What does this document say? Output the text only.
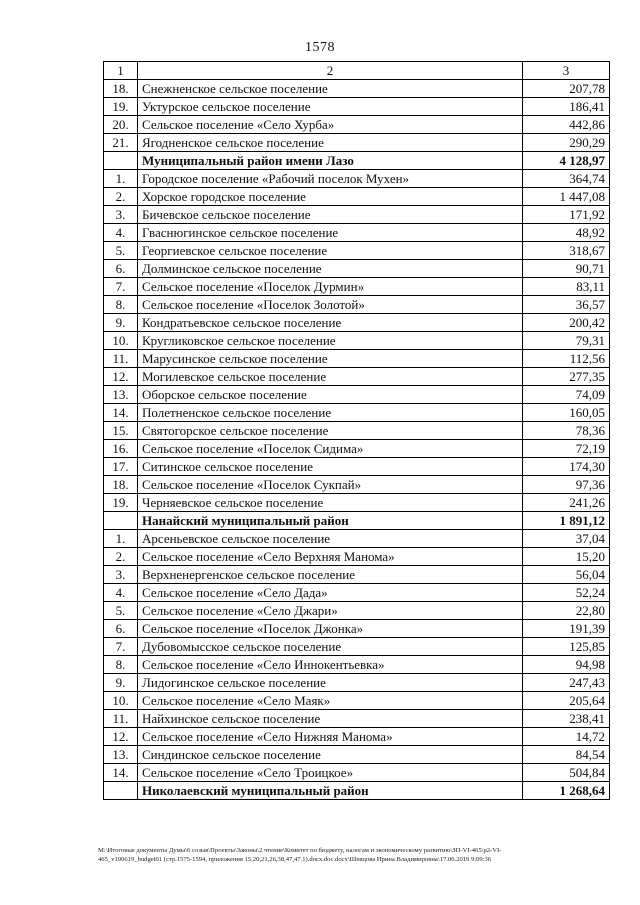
1578
1	2	3
18.	Снежненское сельское поселение	207,78
19.	Уктурское сельское поселение	186,41
20.	Сельское поселение «Село Хурба»	442,86
21.	Ягодненское сельское поселение	290,29
	Муниципальный район имени Лазо	4 128,97
1.	Городское поселение «Рабочий поселок Мухен»	364,74
2.	Хорское городское поселение	1 447,08
3.	Бичевское сельское поселение	171,92
4.	Гваснюгинское сельское поселение	48,92
5.	Георгиевское сельское поселение	318,67
6.	Долминское сельское поселение	90,71
7.	Сельское поселение «Поселок Дурмин»	83,11
8.	Сельское поселение «Поселок Золотой»	36,57
9.	Кондратьевское сельское поселение	200,42
10.	Кругликовское сельское поселение	79,31
11.	Марусинское сельское поселение	112,56
12.	Могилевское сельское поселение	277,35
13.	Оборское сельское поселение	74,09
14.	Полетненское сельское поселение	160,05
15.	Святогорское сельское поселение	78,36
16.	Сельское поселение «Поселок Сидима»	72,19
17.	Ситинское сельское поселение	174,30
18.	Сельское поселение «Поселок Сукпай»	97,36
19.	Черняевское сельское поселение	241,26
	Нанайский муниципальный район	1 891,12
1.	Арсеньевское сельское поселение	37,04
2.	Сельское поселение «Село Верхняя Манома»	15,20
3.	Верхненергенское сельское поселение	56,04
4.	Сельское поселение «Село Дада»	52,24
5.	Сельское поселение «Село Джари»	22,80
6.	Сельское поселение «Поселок Джонка»	191,39
7.	Дубовомысское сельское поселение	125,85
8.	Сельское поселение «Село Иннокентьевка»	94,98
9.	Лидогинское сельское поселение	247,43
10.	Сельское поселение «Село Маяк»	205,64
11.	Найхинское сельское поселение	238,41
12.	Сельское поселение «Село Нижняя Манома»	14,72
13.	Синдинское сельское поселение	84,54
14.	Сельское поселение «Село Троицкое»	504,84
	Николаевский муниципальный район	1 268,64
М:\Итоговые документы Думы\6 созыв\Проекты\Законы\2 чтение\Комитет по бюджету, налогам и экономическому развитию\ЗП-VI-465\р2-VI-
465_v190619_budget01 (стр.1575-1594, приложения 15,20,21,26,38,47,47.1).docx.doc.docx\Шевцова Ирина Владимировна\17.06.2019 9:09:36
